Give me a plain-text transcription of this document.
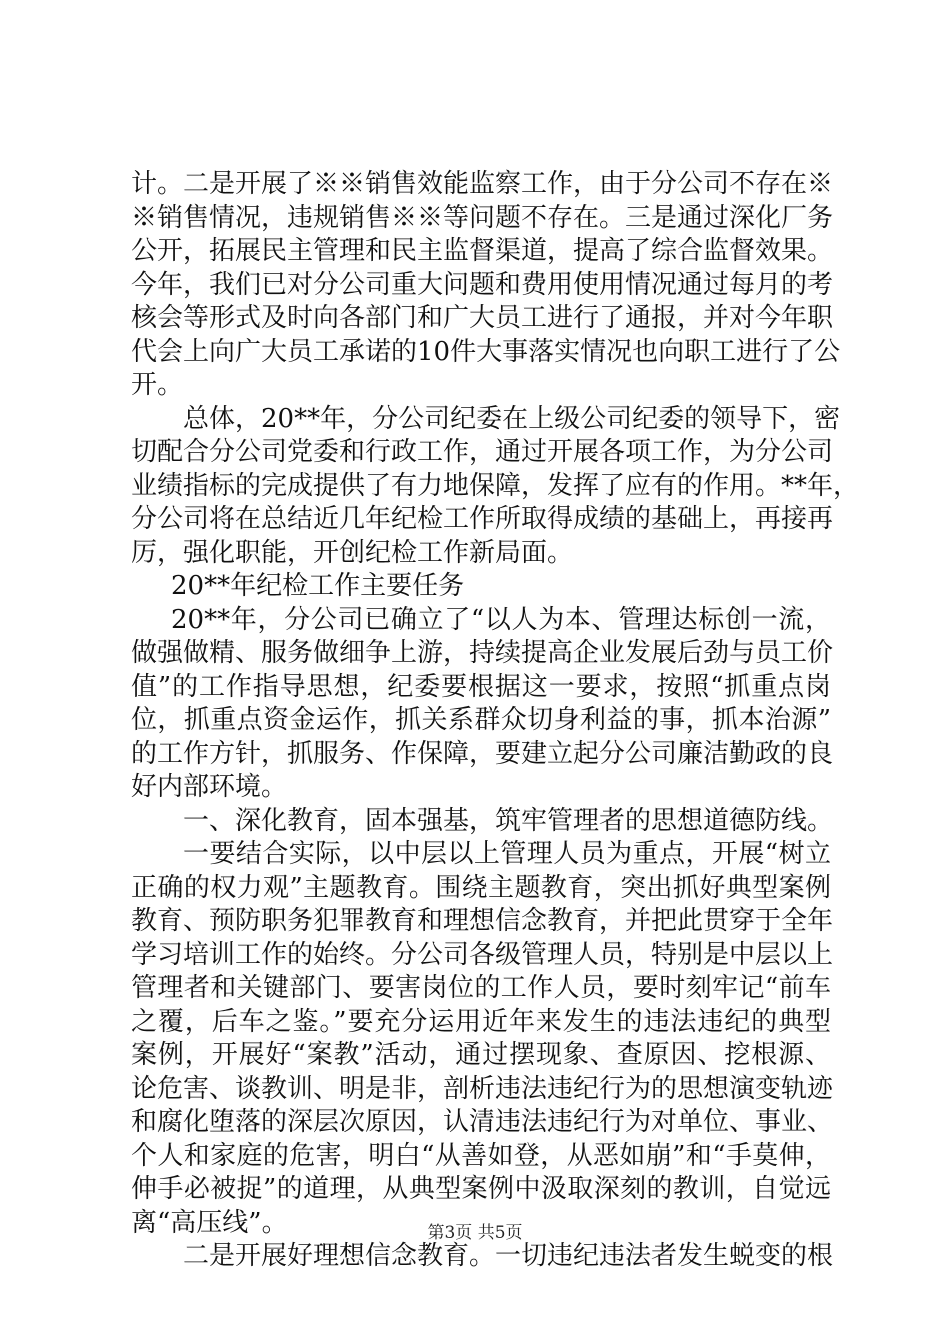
计。二是开展了※※销售效能监察工作，由于分公司不存在※
※销售情况，违规销售※※等问题不存在。三是通过深化厂务
公开，拓展民主管理和民主监督渠道，提高了综合监督效果。
今年，我们已对分公司重大问题和费用使用情况通过每月的考
核会等形式及时向各部门和广大员工进行了通报，并对今年职
代会上向广大员工承诺的10件大事落实情况也向职工进行了公
开。
总体，20**年，分公司纪委在上级公司纪委的领导下，密
切配合分公司党委和行政工作，通过开展各项工作，为分公司
业绩指标的完成提供了有力地保障，发挥了应有的作用。**年，
分公司将在总结近几年纪检工作所取得成绩的基础上，再接再
厉，强化职能，开创纪检工作新局面。
20**年纪检工作主要任务
20**年，分公司已确立了“以人为本、管理达标创一流，
做强做精、服务做细争上游，持续提高企业发展后劲与员工价
值”的工作指导思想，纪委要根据这一要求，按照“抓重点岗
位，抓重点资金运作，抓关系群众切身利益的事，抓本治源”
的工作方针，抓服务、作保障，要建立起分公司廉洁勤政的良
好内部环境。
一、深化教育，固本强基，筑牢管理者的思想道德防线。
一要结合实际，以中层以上管理人员为重点，开展“树立
正确的权力观”主题教育。围绕主题教育，突出抓好典型案例
教育、预防职务犯罪教育和理想信念教育，并把此贯穿于全年
学习培训工作的始终。分公司各级管理人员，特别是中层以上
管理者和关键部门、要害岗位的工作人员，要时刻牢记“前车
之覆，后车之鉴。”要充分运用近年来发生的违法违纪的典型
案例，开展好“案教”活动，通过摆现象、查原因、挖根源、
论危害、谈教训、明是非，剖析违法违纪行为的思想演变轨迹
和腐化堕落的深层次原因，认清违法违纪行为对单位、事业、
个人和家庭的危害，明白“从善如登，从恶如崩”和“手莫伸，
伸手必被捉”的道理，从典型案例中汲取深刻的教训，自觉远
离“高压线”。
二是开展好理想信念教育。一切违纪违法者发生蜕变的根
第3页 共5页
